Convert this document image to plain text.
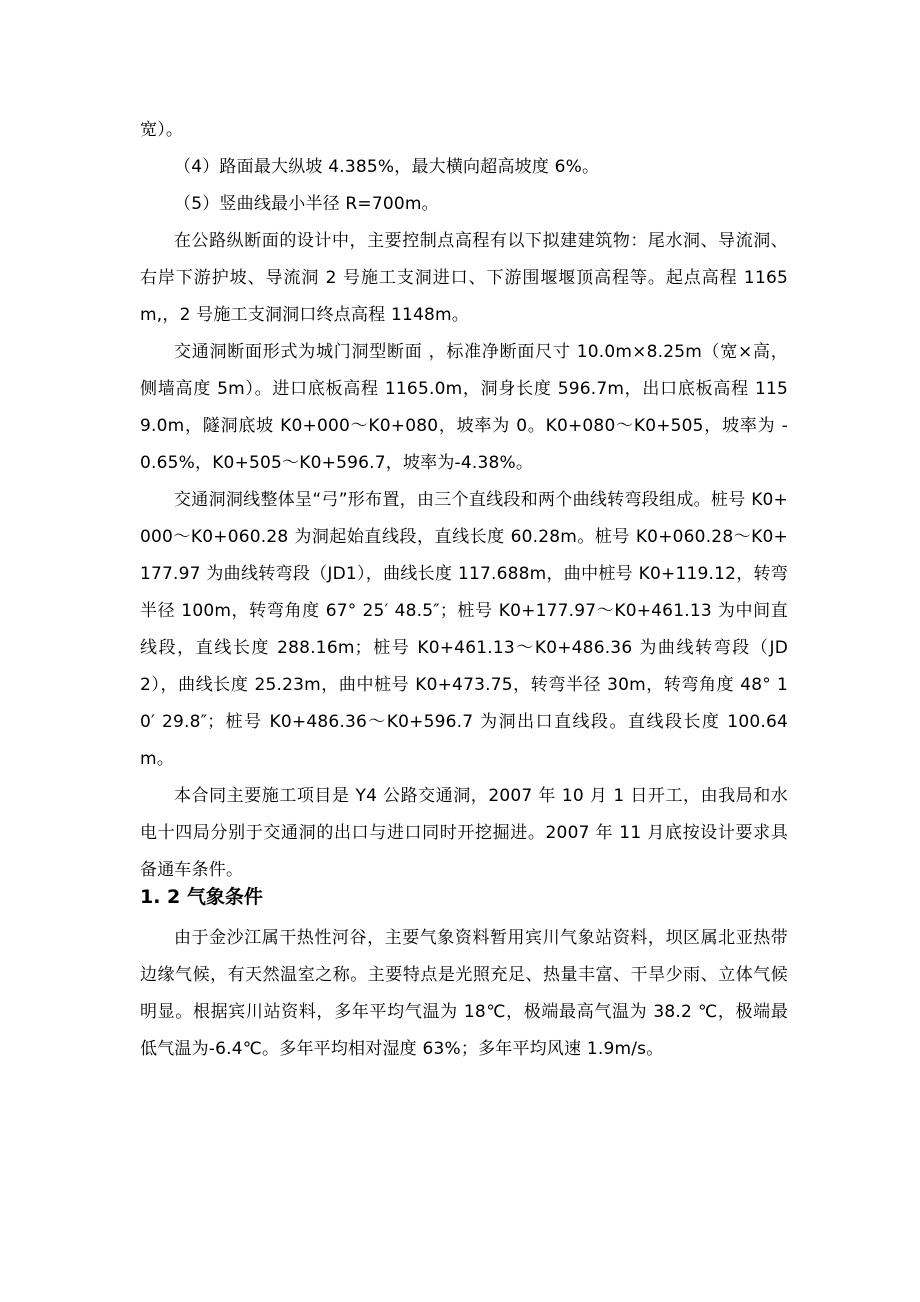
宽）。

（4）路面最大纵坡 4.385%，最大横向超高坡度 6%。

（5）竖曲线最小半径 R=700m。

在公路纵断面的设计中，主要控制点高程有以下拟建建筑物：尾水洞、导流洞、右岸下游护坡、导流洞 2 号施工支洞进口、下游围堰堰顶高程等。起点高程 1165m,，2 号施工支洞洞口终点高程 1148m。

交通洞断面形式为城门洞型断面 ，标准净断面尺寸 10.0m×8.25m（宽×高，侧墙高度 5m）。进口底板高程 1165.0m，洞身长度 596.7m，出口底板高程 1159.0m，隧洞底坡 K0+000～K0+080，坡率为 0。K0+080～K0+505，坡率为 -0.65%，K0+505～K0+596.7，坡率为-4.38%。

交通洞洞线整体呈“弓”形布置，由三个直线段和两个曲线转弯段组成。桩号 K0+000～K0+060.28 为洞起始直线段，直线长度 60.28m。桩号 K0+060.28～K0+177.97 为曲线转弯段（JD1），曲线长度 117.688m，曲中桩号 K0+119.12，转弯半径 100m，转弯角度 67° 25′ 48.5″；桩号 K0+177.97～K0+461.13 为中间直线段，直线长度 288.16m；桩号 K0+461.13～K0+486.36 为曲线转弯段（JD2），曲线长度 25.23m，曲中桩号 K0+473.75，转弯半径 30m，转弯角度 48° 10′ 29.8″；桩号 K0+486.36～K0+596.7 为洞出口直线段。直线段长度 100.64m。

本合同主要施工项目是 Y4 公路交通洞，2007 年 10 月 1 日开工，由我局和水电十四局分别于交通洞的出口与进口同时开挖掘进。2007 年 11 月底按设计要求具备通车条件。

1. 2 气象条件

由于金沙江属干热性河谷，主要气象资料暂用宾川气象站资料，坝区属北亚热带边缘气候，有天然温室之称。主要特点是光照充足、热量丰富、干旱少雨、立体气候明显。根据宾川站资料，多年平均气温为 18℃，极端最高气温为 38.2 ℃，极端最低气温为-6.4℃。多年平均相对湿度 63%；多年平均风速 1.9m/s。
